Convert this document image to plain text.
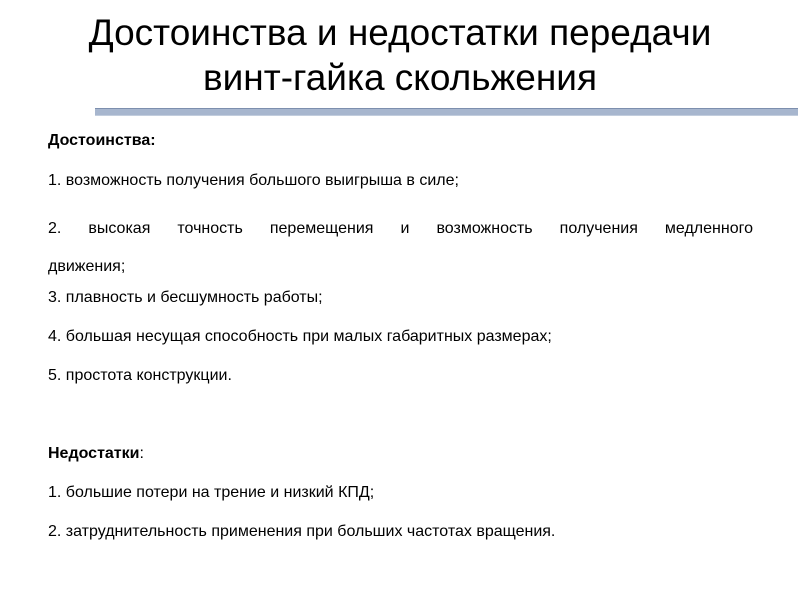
Достоинства и недостатки передачи
винт-гайка скольжения

Достоинства:

1. возможность получения большого выигрыша в силе;

2. высокая точность перемещения и возможность получения медленного
движения;

3. плавность и бесшумность работы;

4. большая несущая способность при малых габаритных размерах;

5. простота конструкции.

Недостатки:

1. большие потери на трение и низкий КПД;

2. затруднительность применения при больших частотах вращения.
